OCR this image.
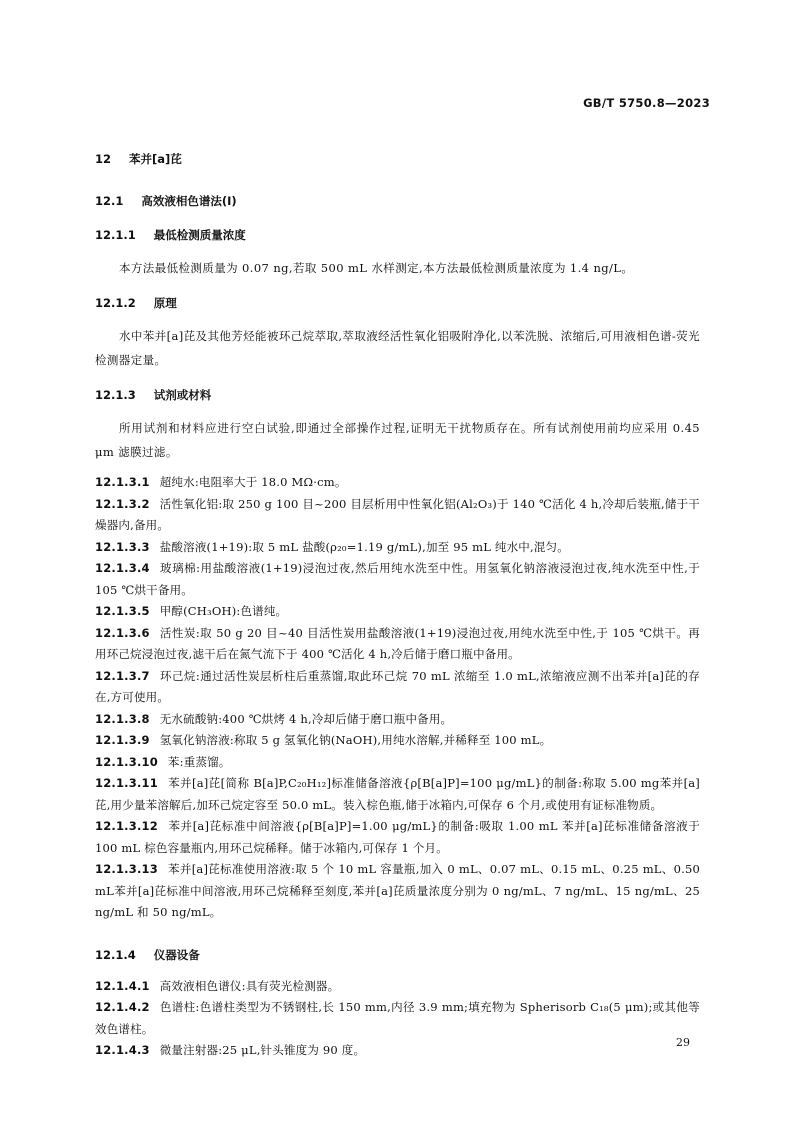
GB/T 5750.8—2023
12 苯并[a]芘
12.1 高效液相色谱法(Ⅰ)
12.1.1 最低检测质量浓度
本方法最低检测质量为 0.07 ng,若取 500 mL 水样测定,本方法最低检测质量浓度为 1.4 ng/L。
12.1.2 原理
水中苯并[a]芘及其他芳烃能被环己烷萃取,萃取液经活性氧化铝吸附净化,以苯洗脱、浓缩后,可用液相色谱-荧光检测器定量。
12.1.3 试剂或材料
所用试剂和材料应进行空白试验,即通过全部操作过程,证明无干扰物质存在。所有试剂使用前均应采用 0.45 μm 滤膜过滤。
12.1.3.1 超纯水:电阻率大于 18.0 MΩ·cm。
12.1.3.2 活性氧化铝:取 250 g 100 目~200 目层析用中性氧化铝(Al₂O₃)于 140 ℃活化 4 h,冷却后装瓶,储于干燥器内,备用。
12.1.3.3 盐酸溶液(1+19):取 5 mL 盐酸(ρ₂₀=1.19 g/mL),加至 95 mL 纯水中,混匀。
12.1.3.4 玻璃棉:用盐酸溶液(1+19)浸泡过夜,然后用纯水洗至中性。用氢氧化钠溶液浸泡过夜,纯水洗至中性,于 105 ℃烘干备用。
12.1.3.5 甲醇(CH₃OH):色谱纯。
12.1.3.6 活性炭:取 50 g 20 目~40 目活性炭用盐酸溶液(1+19)浸泡过夜,用纯水洗至中性,于 105 ℃烘干。再用环己烷浸泡过夜,滤干后在氮气流下于 400 ℃活化 4 h,冷后储于磨口瓶中备用。
12.1.3.7 环己烷:通过活性炭层析柱后重蒸馏,取此环己烷 70 mL 浓缩至 1.0 mL,浓缩液应测不出苯并[a]芘的存在,方可使用。
12.1.3.8 无水硫酸钠:400 ℃烘烤 4 h,冷却后储于磨口瓶中备用。
12.1.3.9 氢氧化钠溶液:称取 5 g 氢氧化钠(NaOH),用纯水溶解,并稀释至 100 mL。
12.1.3.10 苯:重蒸馏。
12.1.3.11 苯并[a]芘[简称 B[a]P,C₂₀H₁₂]标准储备溶液{ρ[B[a]P]=100 μg/mL}的制备:称取 5.00 mg苯并[a]芘,用少量苯溶解后,加环己烷定容至 50.0 mL。装入棕色瓶,储于冰箱内,可保存 6 个月,或使用有证标准物质。
12.1.3.12 苯并[a]芘标准中间溶液{ρ[B[a]P]=1.00 μg/mL}的制备:吸取 1.00 mL 苯并[a]芘标准储备溶液于 100 mL 棕色容量瓶内,用环己烷稀释。储于冰箱内,可保存 1 个月。
12.1.3.13 苯并[a]芘标准使用溶液:取 5 个 10 mL 容量瓶,加入 0 mL、0.07 mL、0.15 mL、0.25 mL、0.50 mL苯并[a]芘标准中间溶液,用环己烷稀释至刻度,苯并[a]芘质量浓度分别为 0 ng/mL、7 ng/mL、15 ng/mL、25 ng/mL 和 50 ng/mL。
12.1.4 仪器设备
12.1.4.1 高效液相色谱仪:具有荧光检测器。
12.1.4.2 色谱柱:色谱柱类型为不锈钢柱,长 150 mm,内径 3.9 mm;填充物为 Spherisorb C₁₈(5 μm);或其他等效色谱柱。
12.1.4.3 微量注射器:25 μL,针头锥度为 90 度。
29
